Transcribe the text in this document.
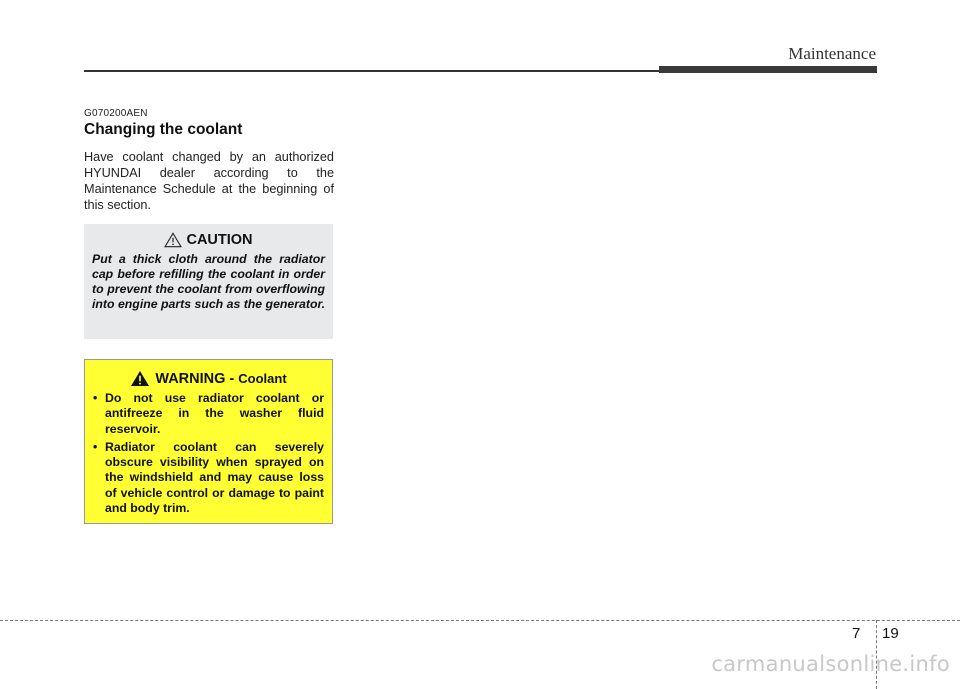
Maintenance

G070200AEN

Changing the coolant

Have coolant changed by an authorized HYUNDAI dealer according to the Maintenance Schedule at the beginning of this section.

CAUTION

Put a thick cloth around the radiator cap before refilling the coolant in order to prevent the coolant from overflowing into engine parts such as the generator.

WARNING - Coolant
• Do not use radiator coolant or antifreeze in the washer fluid reservoir.
• Radiator coolant can severely obscure visibility when sprayed on the windshield and may cause loss of vehicle control or damage to paint and body trim.
7 19
carmanualsonline.info
